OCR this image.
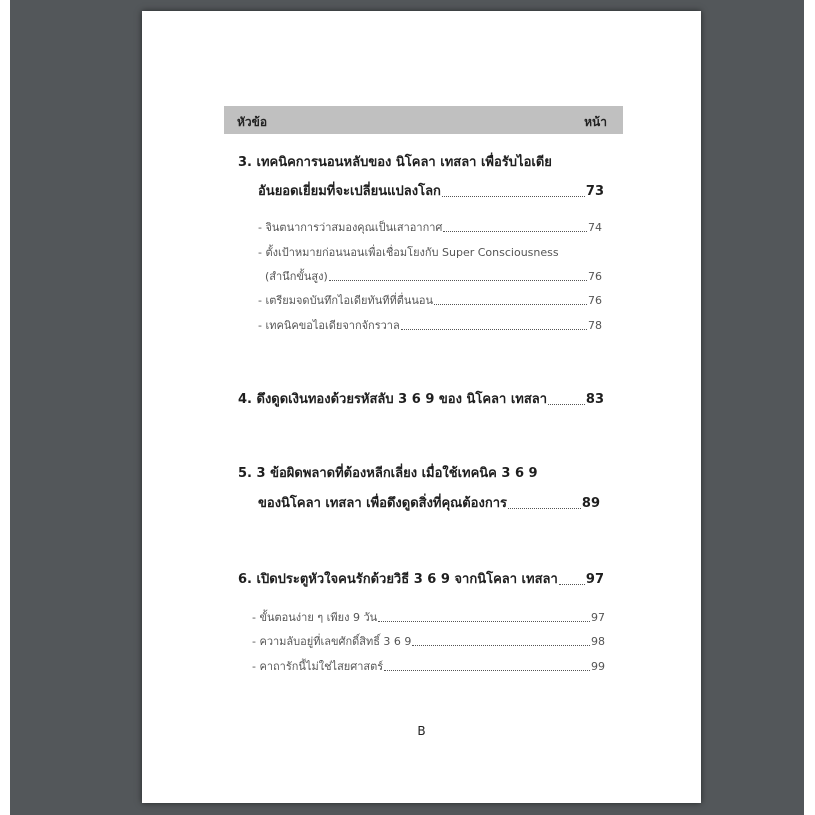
หัวข้อ	หน้า
3. เทคนิคการนอนหลับของ นิโคลา เทสลา เพื่อรับไอเดีย
อันยอดเยี่ยมที่จะเปลี่ยนแปลงโลก	73
- จินตนาการว่าสมองคุณเป็นเสาอากาศ	74
- ตั้งเป้าหมายก่อนนอนเพื่อเชื่อมโยงกับ Super Consciousness
(สำนึกขั้นสูง)	76
- เตรียมจดบันทึกไอเดียทันทีที่ตื่นนอน	76
- เทคนิคขอไอเดียจากจักรวาล	78
4. ดึงดูดเงินทองด้วยรหัสลับ 3 6 9 ของ นิโคลา เทสลา	83
5. 3 ข้อผิดพลาดที่ต้องหลีกเลี่ยง เมื่อใช้เทคนิค 3 6 9
ของนิโคลา เทสลา เพื่อดึงดูดสิ่งที่คุณต้องการ	89
6. เปิดประตูหัวใจคนรักด้วยวิธี 3 6 9 จากนิโคลา เทสลา 97
- ขั้นตอนง่าย ๆ เพียง 9 วัน	97
- ความลับอยู่ที่เลขศักดิ์สิทธิ์ 3 6 9	98
- คาถารักนี้ไม่ใช่ไสยศาสตร์	99
B
